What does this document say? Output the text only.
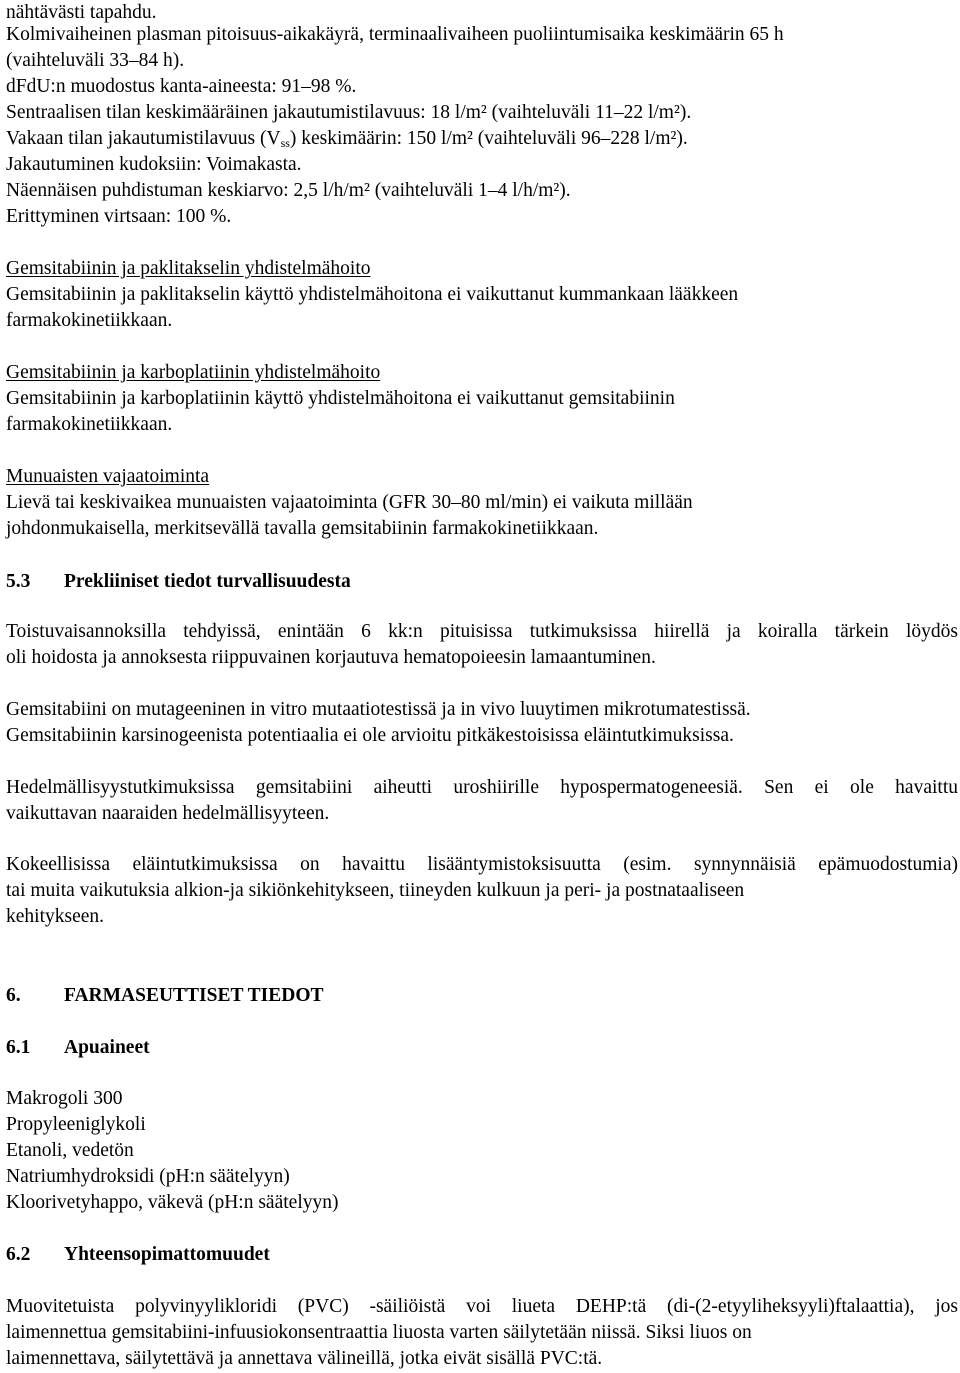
nähtävästi tapahdu.
Kolmivaiheinen plasman pitoisuus-aikakäyrä, terminaalivaiheen puoliintumisaika keskimäärin 65 h
(vaihteluväli 33–84 h).
dFdU:n muodostus kanta-aineesta: 91–98 %.
Sentraalisen tilan keskimääräinen jakautumistilavuus: 18 l/m² (vaihteluväli 11–22 l/m²).
Vakaan tilan jakautumistilavuus $(V_{ss})$ keskimäärin: 150 l/m² (vaihteluväli 96–228 l/m²).
Jakautuminen kudoksiin: Voimakasta.
Näennäisen puhdistuman keskiarvo: 2,5 l/h/m² (vaihteluväli 1–4 l/h/m²).
Erittyminen virtsaan: 100 %.
Gemsitabiinin ja paklitakselin yhdistelmähoito
Gemsitabiinin ja paklitakselin käyttö yhdistelmähoitona ei vaikuttanut kummankaan lääkkeen
farmakokinetiikkaan.
Gemsitabiinin ja karboplatiinin yhdistelmähoito
Gemsitabiinin ja karboplatiinin käyttö yhdistelmähoitona ei vaikuttanut gemsitabiinin
farmakokinetiikkaan.
Munuaisten vajaatoiminta
Lievä tai keskivaikea munuaisten vajaatoiminta (GFR 30–80 ml/min) ei vaikuta millään
johdonmukaisella, merkitsevällä tavalla gemsitabiinin farmakokinetiikkaan.
5.3 Prekliiniset tiedot turvallisuudesta
Toistuvaisannoksilla tehdyissä, enintään 6 kk:n pituisissa tutkimuksissa hiirellä ja koiralla tärkein löydös
oli hoidosta ja annoksesta riippuvainen korjautuva hematopoieesin lamaantuminen.
Gemsitabiini on mutageeninen in vitro mutaatiotestissä ja in vivo luuytimen mikrotumatestissä.
Gemsitabiinin karsinogeenista potentiaalia ei ole arvioitu pitkäkestoisissa eläintutkimuksissa.
Hedelmällisyystutkimuksissa gemsitabiini aiheutti uroshiirille hypospermatogeneesiä. Sen ei ole havaittu
vaikuttavan naaraiden hedelmällisyyteen.
Kokeellisissa eläintutkimuksissa on havaittu lisääntymistoksisuutta (esim. synnynnäisiä epämuodostumia)
tai muita vaikutuksia alkion-ja sikiönkehitykseen, tiineyden kulkuun ja peri- ja postnataaliseen
kehitykseen.
6. FARMASEUTTISET TIEDOT
6.1 Apuaineet
Makrogoli 300
Propyleeniglykoli
Etanoli, vedetön
Natriumhydroksidi (pH:n säätelyyn)
Kloorivetyhappo, väkevä (pH:n säätelyyn)
6.2 Yhteensopimattomuudet
Muovitetuista polyvinyylikloridi (PVC) -säiliöistä voi liueta DEHP:tä (di-(2-etyyliheksyyli)ftalaattia), jos
laimennettua gemsitabiini-infuusiokonsentraattia liuosta varten säilytetään niissä. Siksi liuos on
laimennettava, säilytettävä ja annettava välineillä, jotka eivät sisällä PVC:tä.
